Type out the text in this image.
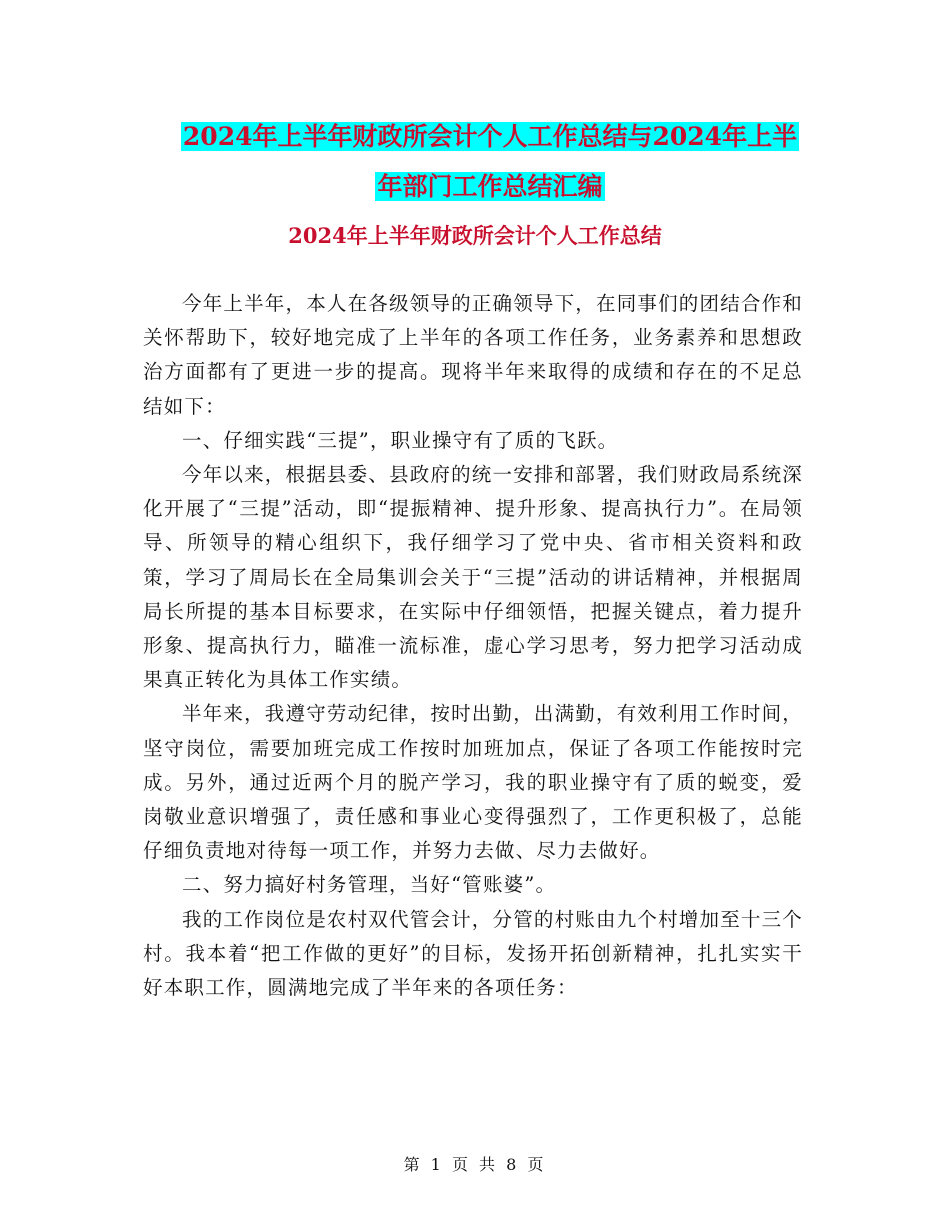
2024年上半年财政所会计个人工作总结与2024年上半
年部门工作总结汇编
2024年上半年财政所会计个人工作总结

今年上半年，本人在各级领导的正确领导下，在同事们的团结合作和关怀帮助下，较好地完成了上半年的各项工作任务，业务素养和思想政治方面都有了更进一步的提高。现将半年来取得的成绩和存在的不足总结如下：

一、仔细实践“三提”，职业操守有了质的飞跃。

今年以来，根据县委、县政府的统一安排和部署，我们财政局系统深化开展了“三提”活动，即“提振精神、提升形象、提高执行力”。在局领导、所领导的精心组织下，我仔细学习了党中央、省市相关资料和政策，学习了周局长在全局集训会关于“三提”活动的讲话精神，并根据周局长所提的基本目标要求，在实际中仔细领悟，把握关键点，着力提升形象、提高执行力，瞄准一流标准，虚心学习思考，努力把学习活动成果真正转化为具体工作实绩。

半年来，我遵守劳动纪律，按时出勤，出满勤，有效利用工作时间，坚守岗位，需要加班完成工作按时加班加点，保证了各项工作能按时完成。另外，通过近两个月的脱产学习，我的职业操守有了质的蜕变，爱岗敬业意识增强了，责任感和事业心变得强烈了，工作更积极了，总能仔细负责地对待每一项工作，并努力去做、尽力去做好。

二、努力搞好村务管理，当好“管账婆”。

我的工作岗位是农村双代管会计，分管的村账由九个村增加至十三个村。我本着“把工作做的更好”的目标，发扬开拓创新精神，扎扎实实干好本职工作，圆满地完成了半年来的各项任务：

第 1 页 共 8 页
